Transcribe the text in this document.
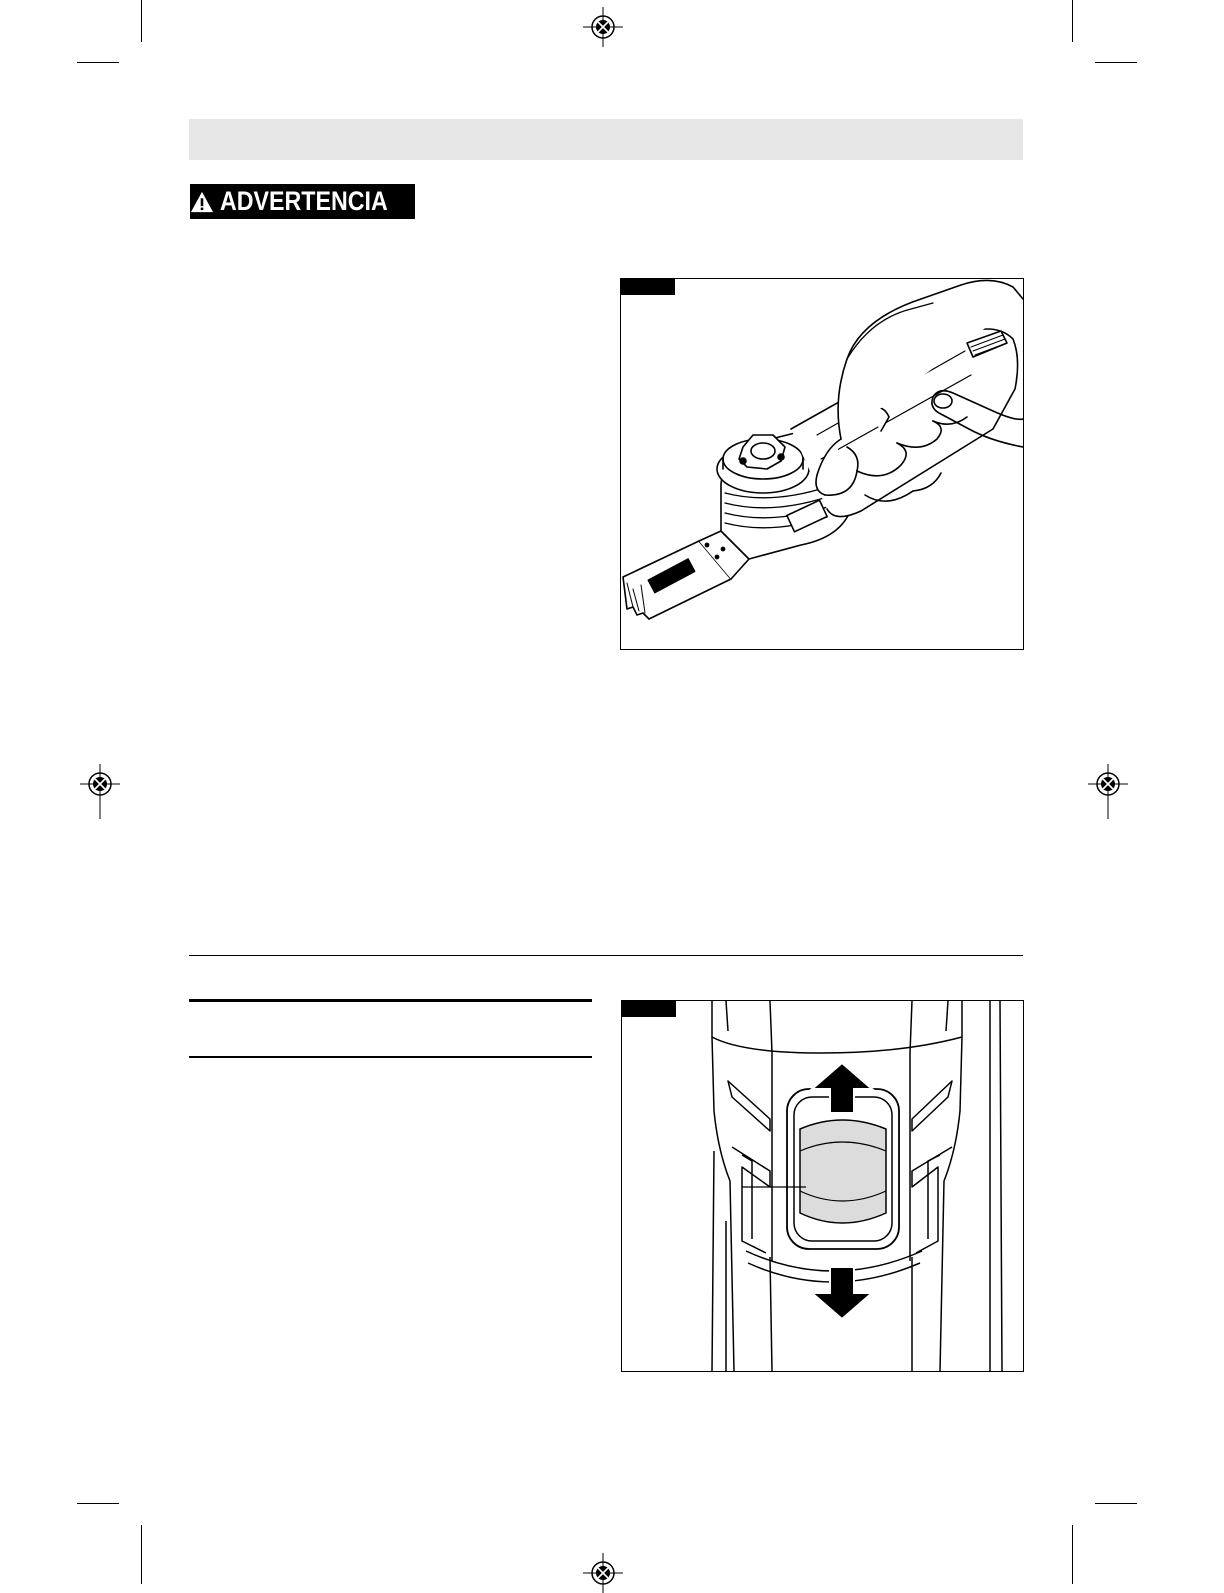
ADVERTENCIA
